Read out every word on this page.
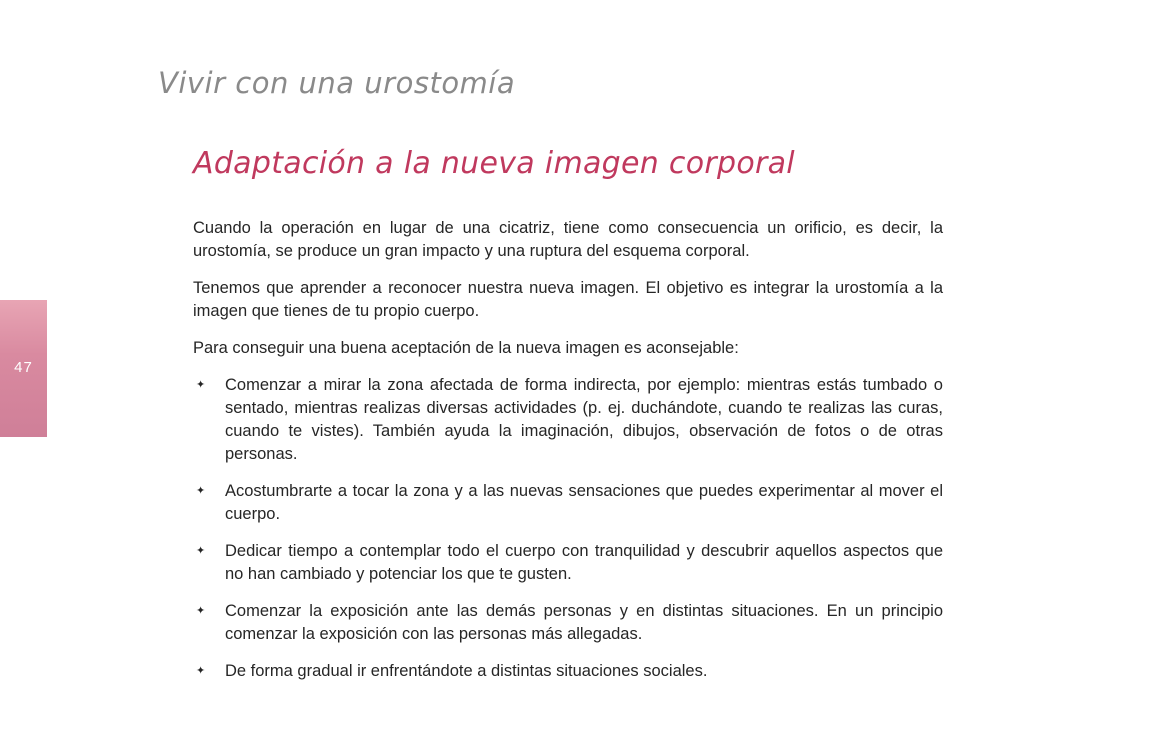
47
Vivir con una urostomía
Adaptación a la nueva imagen corporal

Cuando la operación en lugar de una cicatriz, tiene como consecuencia un orificio, es decir, la urostomía, se produce un gran impacto y una ruptura del esquema corporal.

Tenemos que aprender a reconocer nuestra nueva imagen. El objetivo es integrar la urostomía a la imagen que tienes de tu propio cuerpo.

Para conseguir una buena aceptación de la nueva imagen es aconsejable:

✦ Comenzar a mirar la zona afectada de forma indirecta, por ejemplo: mientras estás tumbado o sentado, mientras realizas diversas actividades (p. ej. duchándote, cuando te realizas las curas, cuando te vistes). También ayuda la imaginación, dibujos, observación de fotos o de otras personas.
✦ Acostumbrarte a tocar la zona y a las nuevas sensaciones que puedes experimentar al mover el cuerpo.
✦ Dedicar tiempo a contemplar todo el cuerpo con tranquilidad y descubrir aquellos aspectos que no han cambiado y potenciar los que te gusten.
✦ Comenzar la exposición ante las demás personas y en distintas situaciones. En un principio comenzar la exposición con las personas más allegadas.
✦ De forma gradual ir enfrentándote a distintas situaciones sociales.
